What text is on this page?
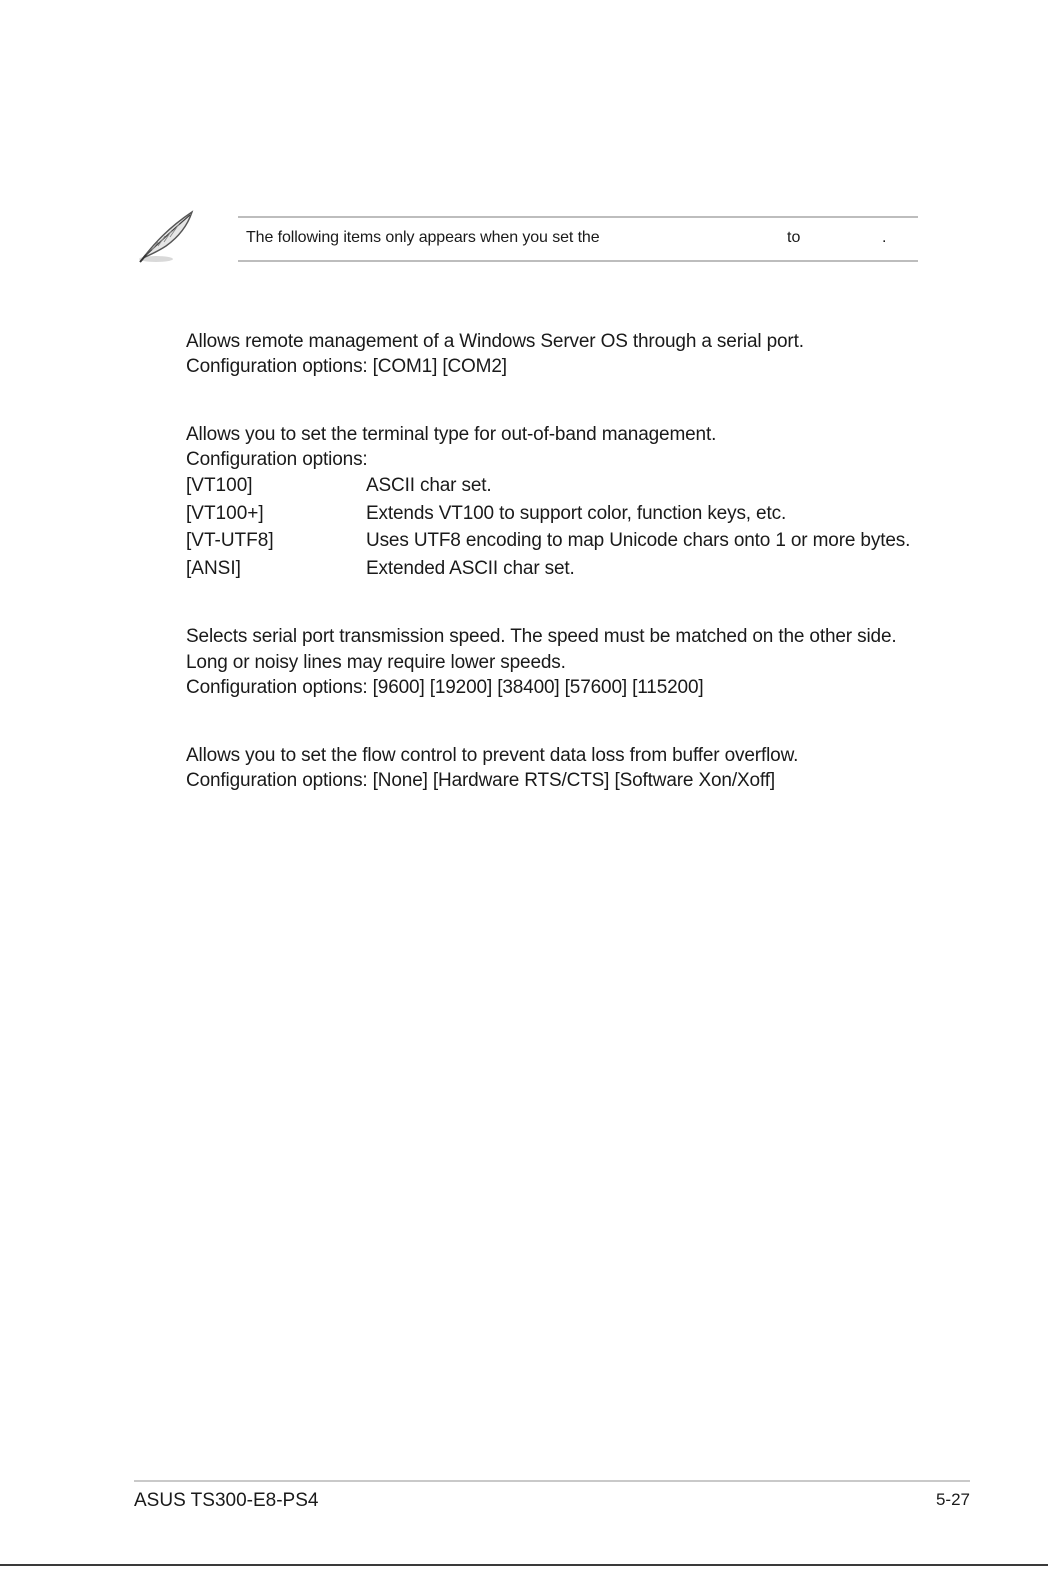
The following items only appears when you set the	to	.
Allows remote management of a Windows Server OS through a serial port.
Configuration options: [COM1] [COM2]
Allows you to set the terminal type for out-of-band management.
Configuration options:
[VT100]	ASCII char set.
[VT100+]	Extends VT100 to support color, function keys, etc.
[VT-UTF8]	Uses UTF8 encoding to map Unicode chars onto 1 or more bytes.
[ANSI]	Extended ASCII char set.
Selects serial port transmission speed. The speed must be matched on the other side.
Long or noisy lines may require lower speeds.
Configuration options: [9600] [19200] [38400] [57600] [115200]
Allows you to set the flow control to prevent data loss from buffer overflow.
Configuration options: [None] [Hardware RTS/CTS] [Software Xon/Xoff]
ASUS TS300-E8-PS4	5-27
